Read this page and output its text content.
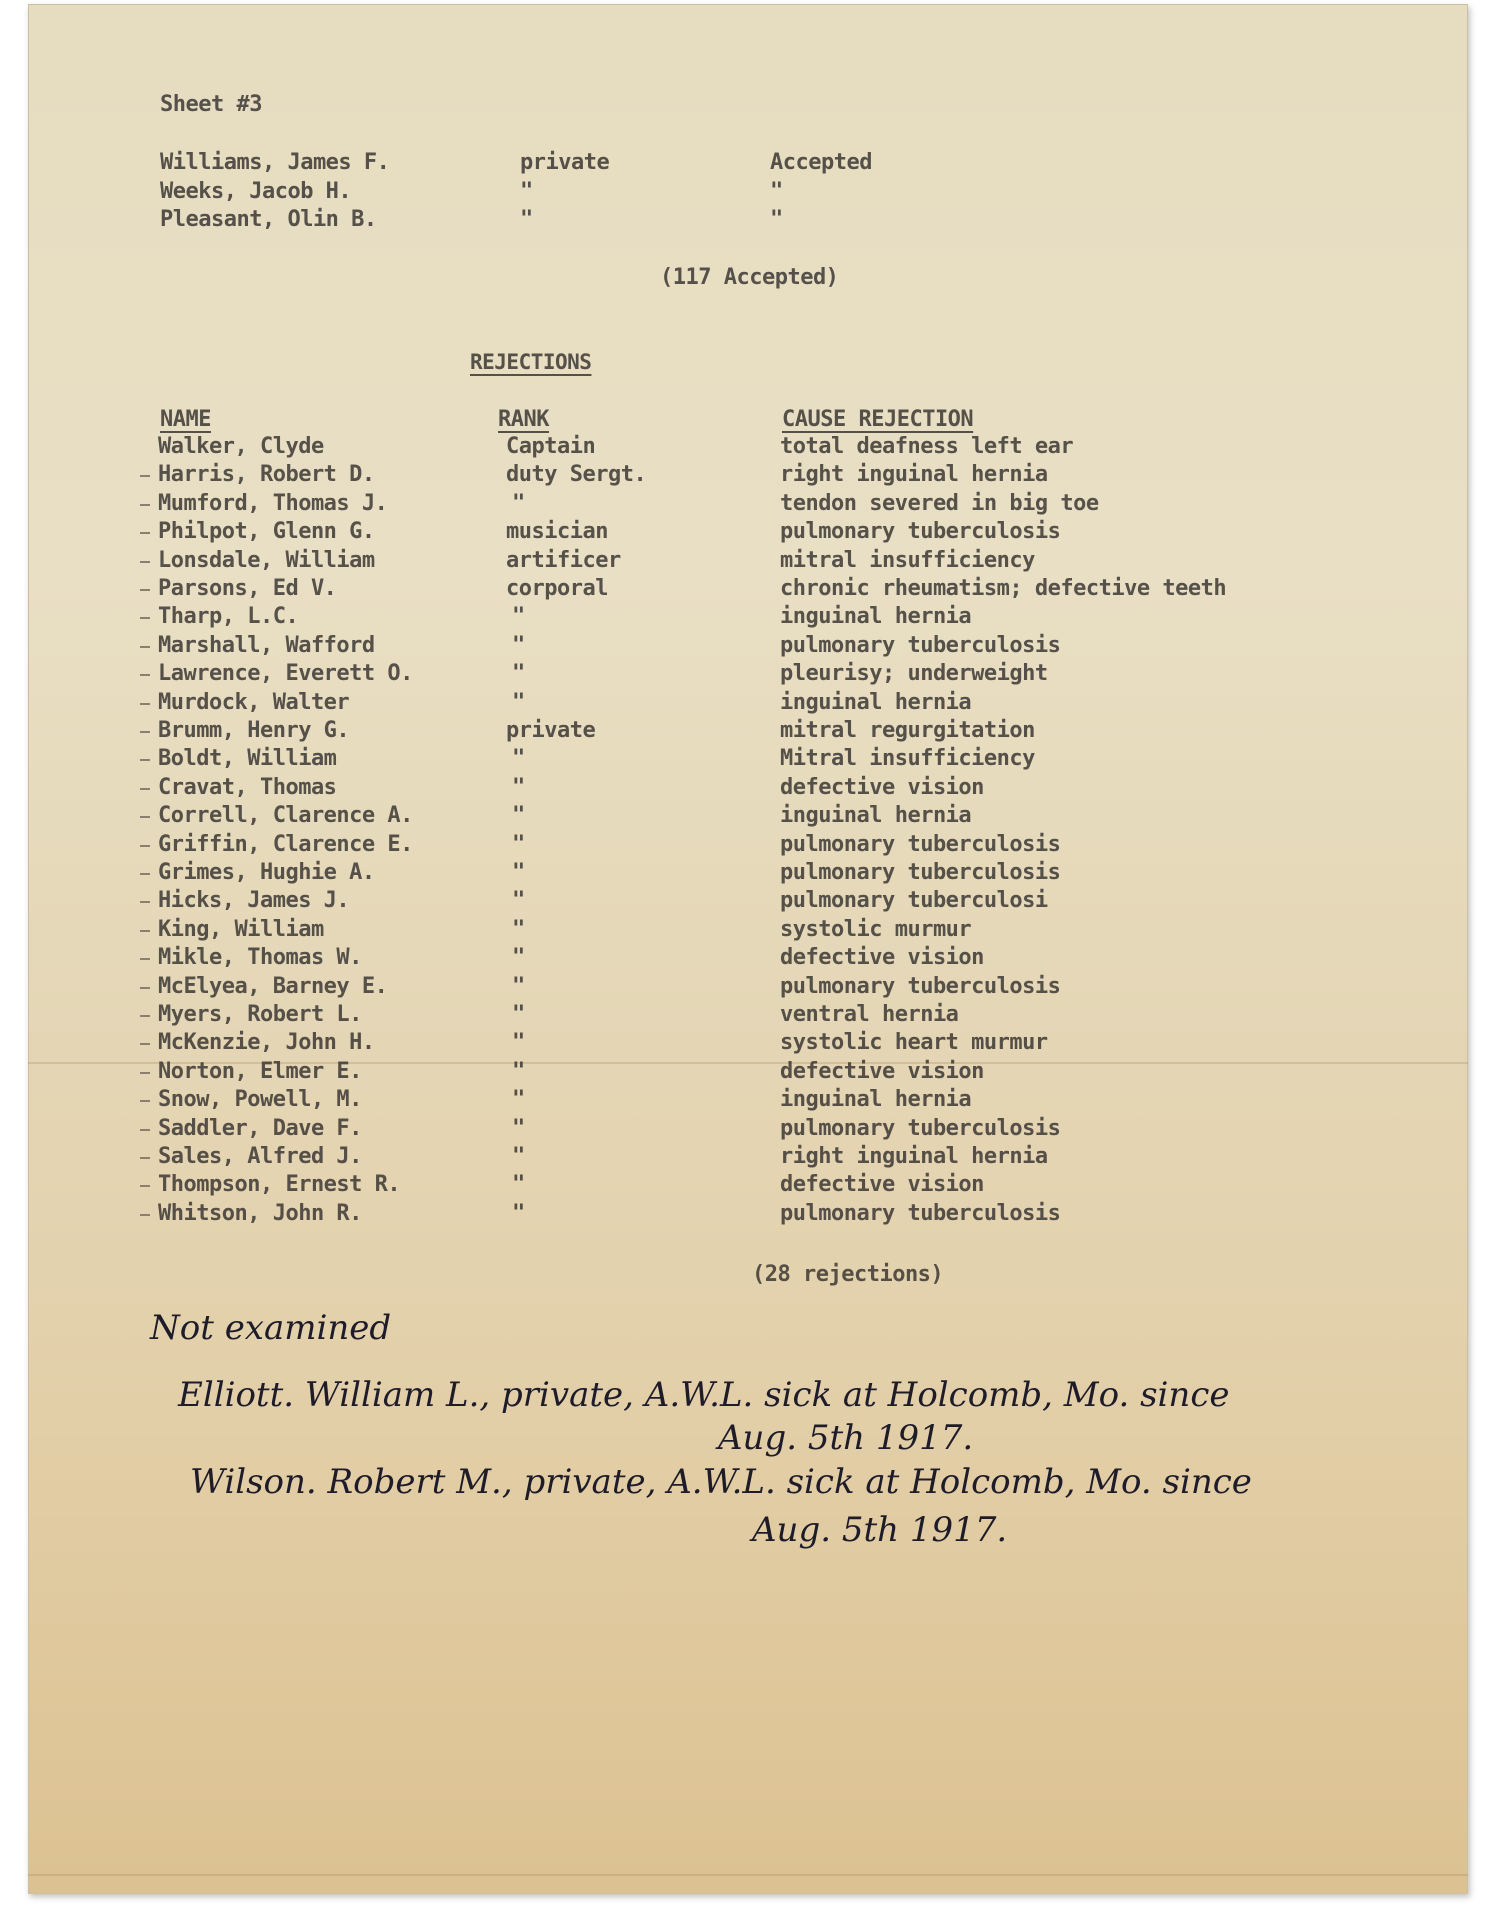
Sheet #3
Williams, James F.	private	Accepted
Weeks, Jacob H.	"	"
Pleasant, Olin B.	"	"
(117 Accepted)
REJECTIONS
NAME	RANK	CAUSE REJECTION
Walker, Clyde	Captain	total deafness left ear
Harris, Robert D.	duty Sergt.	right inguinal hernia
Mumford, Thomas J.	"	tendon severed in big toe
Philpot, Glenn G.	musician	pulmonary tuberculosis
Lonsdale, William	artificer	mitral insufficiency
Parsons, Ed V.	corporal	chronic rheumatism; defective teeth
Tharp, L.C.	"	inguinal hernia
Marshall, Wafford	"	pulmonary tuberculosis
Lawrence, Everett O.	"	pleurisy; underweight
Murdock, Walter	"	inguinal hernia
Brumm, Henry G.	private	mitral regurgitation
Boldt, William	"	Mitral insufficiency
Cravat, Thomas	"	defective vision
Correll, Clarence A.	"	inguinal hernia
Griffin, Clarence E.	"	pulmonary tuberculosis
Grimes, Hughie A.	"	pulmonary tuberculosis
Hicks, James J.	"	pulmonary tuberculosi
King, William	"	systolic murmur
Mikle, Thomas W.	"	defective vision
McElyea, Barney E.	"	pulmonary tuberculosis
Myers, Robert L.	"	ventral hernia
McKenzie, John H.	"	systolic heart murmur
Norton, Elmer E.	"	defective vision
Snow, Powell, M.	"	inguinal hernia
Saddler, Dave F.	"	pulmonary tuberculosis
Sales, Alfred J.	"	right inguinal hernia
Thompson, Ernest R.	"	defective vision
Whitson, John R.	"	pulmonary tuberculosis
(28 rejections)
Not examined
Elliott. William L., private, A.W.L. sick at Holcomb, Mo. since
Aug. 5th 1917.
Wilson. Robert M., private, A.W.L. sick at Holcomb, Mo. since
Aug. 5th 1917.
